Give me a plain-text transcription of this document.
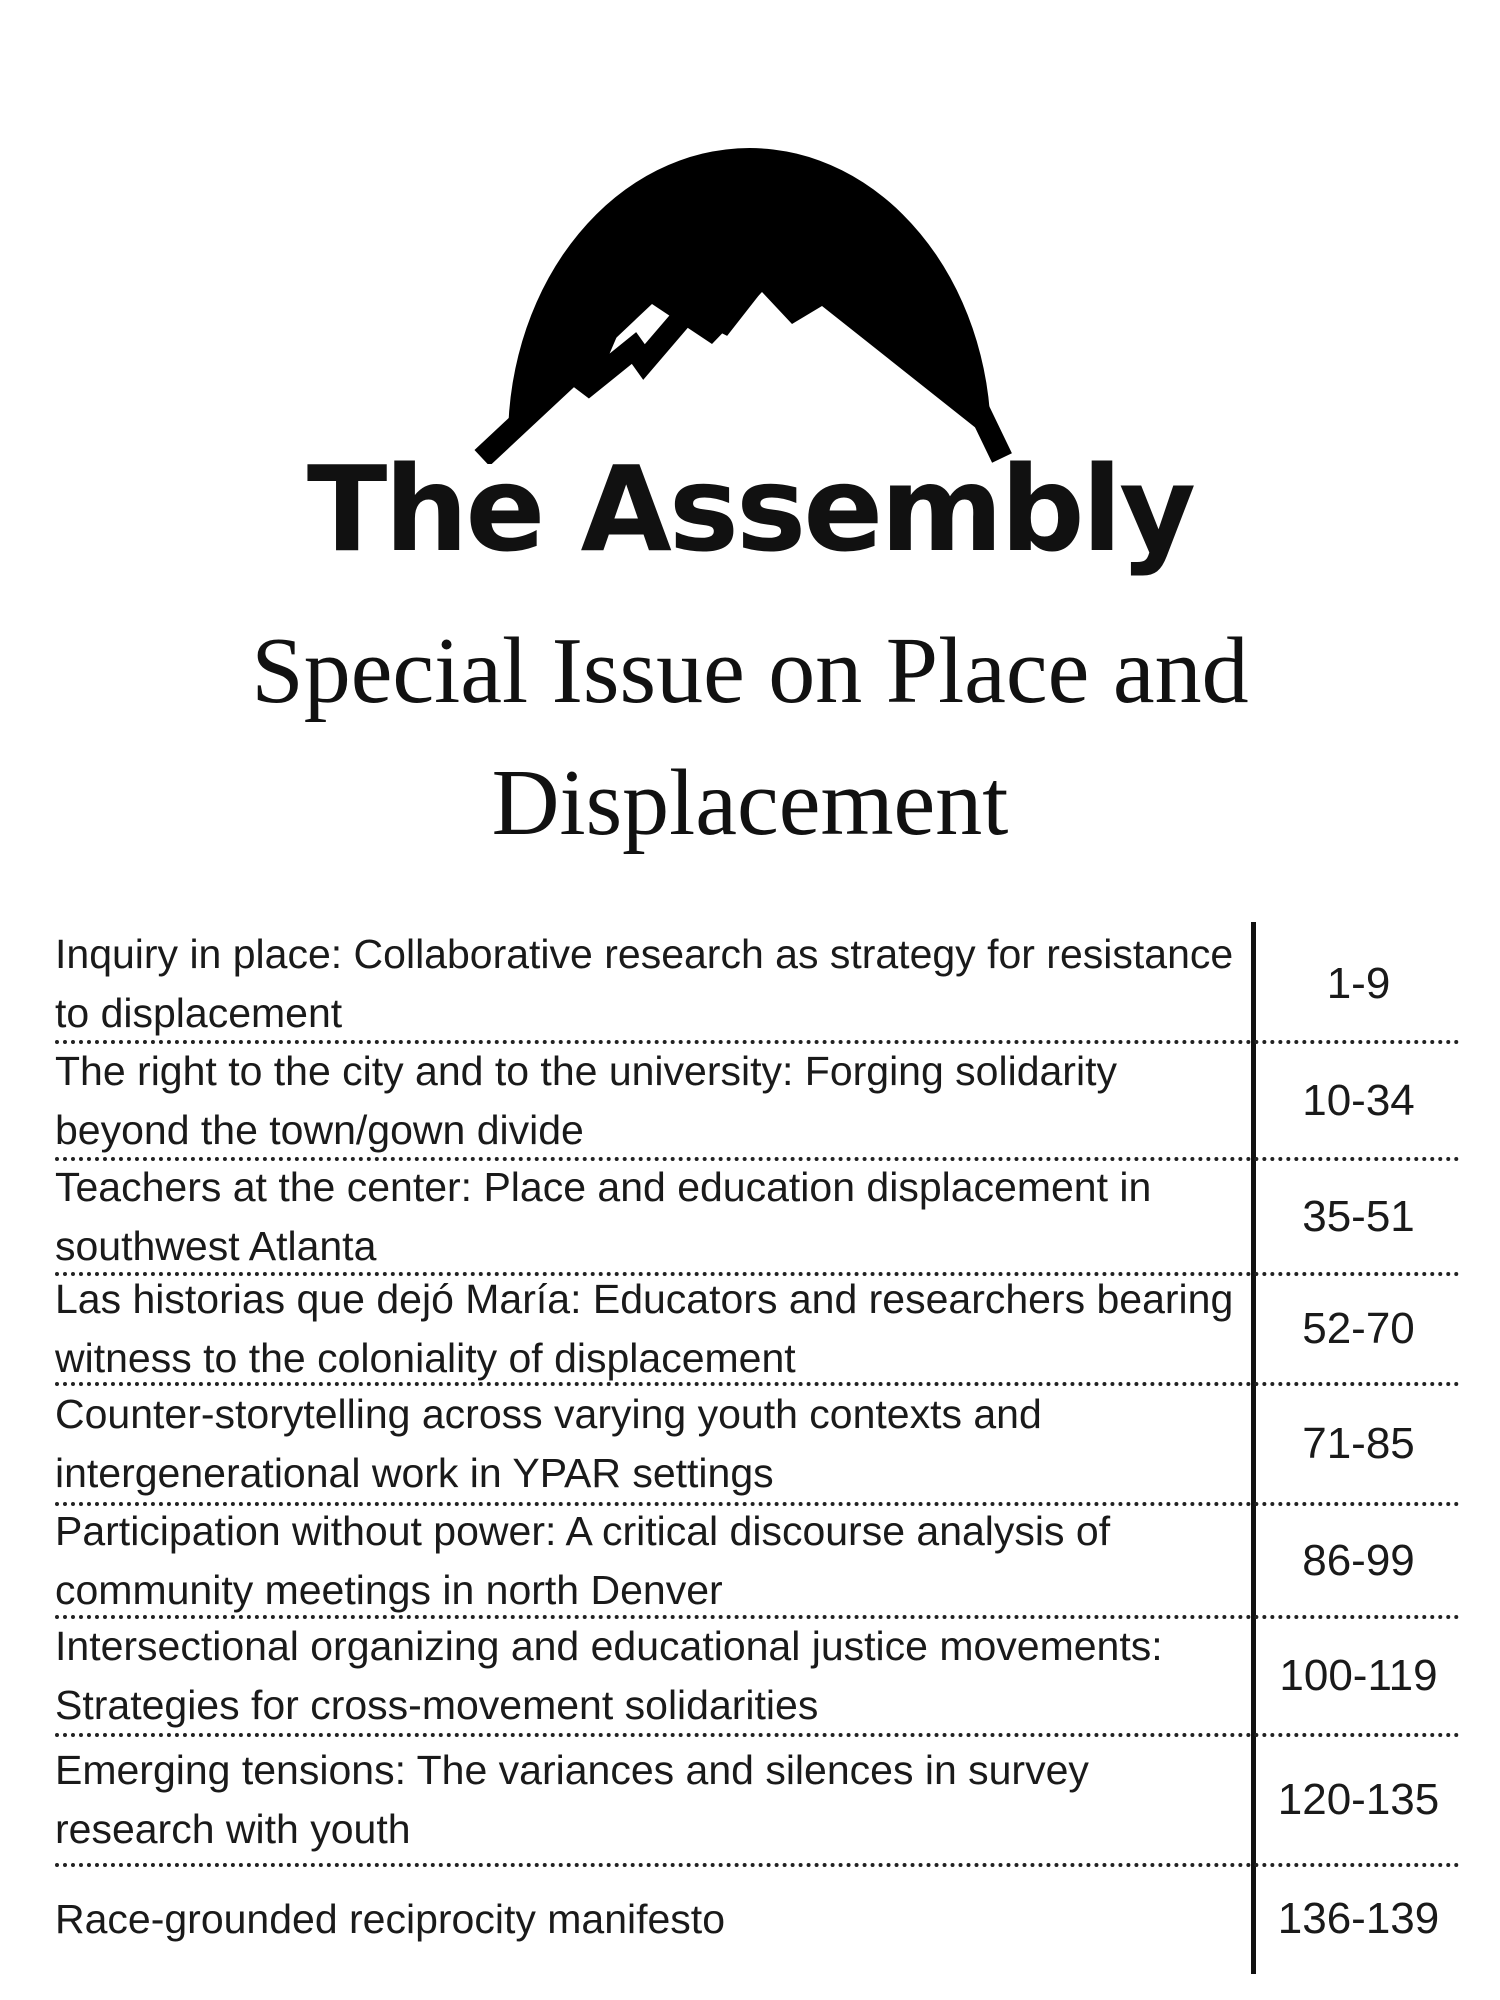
The Assembly
Special Issue on Place and Displacement
Inquiry in place: Collaborative research as strategy for resistance to displacement
1-9
The right to the city and to the university: Forging solidarity beyond the town/gown divide
10-34
Teachers at the center: Place and education displacement in southwest Atlanta
35-51
Las historias que dejó María: Educators and researchers bearing witness to the coloniality of displacement
52-70
Counter-storytelling across varying youth contexts and intergenerational work in YPAR settings
71-85
Participation without power: A critical discourse analysis of community meetings in north Denver
86-99
Intersectional organizing and educational justice movements: Strategies for cross-movement solidarities
100-119
Emerging tensions: The variances and silences in survey research with youth
120-135
Race-grounded reciprocity manifesto	136-139
